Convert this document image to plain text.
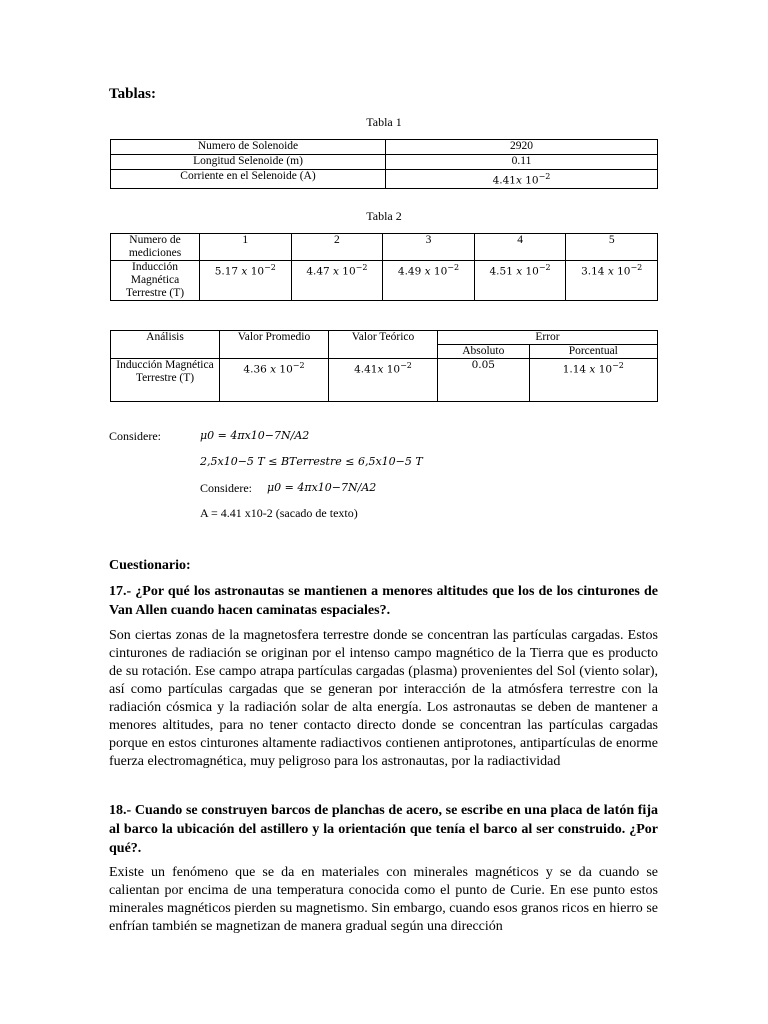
Tablas:
Tabla 1
Numero de Solenoide	2920
Longitud Selenoide (m)	0.11
Corriente en el Selenoide (A)	4.41𝑥 $10^{-2}$
Tabla 2
Numero de mediciones	1	2	3	4	5
Inducción Magnética Terrestre (T)	5.17 𝑥 $10^{-2}$	4.47 𝑥 $10^{-2}$	4.49 𝑥 $10^{-2}$	4.51 𝑥 $10^{-2}$	3.14 𝑥 $10^{-2}$
Análisis	Valor Promedio	Valor Teórico	Error	
			Absoluto	Porcentual
Inducción Magnética Terrestre (T)	4.36 𝑥 $10^{-2}$	4.41𝑥 $10^{-2}$	0.05	1.14 𝑥 $10^{-2}$
Considere:	𝜇0 = 4𝜋𝑥10−7𝑁/𝐴2
2,5𝑥10−5 𝑇 ≤ 𝐵𝑇𝑒𝑟𝑟𝑒𝑠𝑡𝑟𝑒 ≤ 6,5𝑥10−5 𝑇
Considere: 𝜇0 = 4𝜋𝑥10−7𝑁/𝐴2
A = 4.41 x10-2 (sacado de texto)
Cuestionario:
17.- ¿Por qué los astronautas se mantienen a menores altitudes que los de los cinturones de Van Allen cuando hacen caminatas espaciales?.
Son ciertas zonas de la magnetosfera terrestre donde se concentran las partículas cargadas. Estos cinturones de radiación se originan por el intenso campo magnético de la Tierra que es producto de su rotación. Ese campo atrapa partículas cargadas (plasma) provenientes del Sol (viento solar), así como partículas cargadas que se generan por interacción de la atmósfera terrestre con la radiación cósmica y la radiación solar de alta energía. Los astronautas se deben de mantener a menores altitudes, para no tener contacto directo donde se concentran las partículas cargadas porque en estos cinturones altamente radiactivos contienen antiprotones, antipartículas de enorme fuerza electromagnética, muy peligroso para los astronautas, por la radiactividad
18.- Cuando se construyen barcos de planchas de acero, se escribe en una placa de latón fija al barco la ubicación del astillero y la orientación que tenía el barco al ser construido. ¿Por qué?.
Existe un fenómeno que se da en materiales con minerales magnéticos y se da cuando se calientan por encima de una temperatura conocida como el punto de Curie. En ese punto estos minerales magnéticos pierden su magnetismo. Sin embargo, cuando esos granos ricos en hierro se enfrían también se magnetizan de manera gradual según una dirección
